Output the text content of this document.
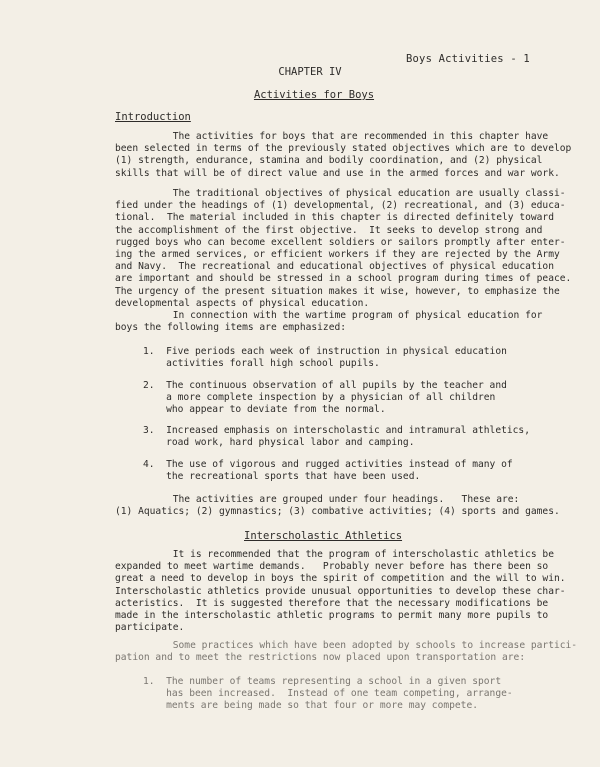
Boys Activities - 1
CHAPTER IV
Activities for Boys
Introduction

The activities for boys that are recommended in this chapter have
been selected in terms of the previously stated objectives which are to develop
(1) strength, endurance, stamina and bodily coordination, and (2) physical
skills that will be of direct value and use in the armed forces and war work.

The traditional objectives of physical education are usually classi-
fied under the headings of (1) developmental, (2) recreational, and (3) educa-
tional.  The material included in this chapter is directed definitely toward
the accomplishment of the first objective.  It seeks to develop strong and
rugged boys who can become excellent soldiers or sailors promptly after enter-
ing the armed services, or efficient workers if they are rejected by the Army
and Navy.  The recreational and educational objectives of physical education
are important and should be stressed in a school program during times of peace.
The urgency of the present situation makes it wise, however, to emphasize the
developmental aspects of physical education.

In connection with the wartime program of physical education for
boys the following items are emphasized:

1.  Five periods each week of instruction in physical education
activities forall high school pupils.

2.  The continuous observation of all pupils by the teacher and
a more complete inspection by a physician of all children
who appear to deviate from the normal.

3.  Increased emphasis on interscholastic and intramural athletics,
road work, hard physical labor and camping.

4.  The use of vigorous and rugged activities instead of many of
the recreational sports that have been used.

The activities are grouped under four headings.   These are:
(1) Aquatics; (2) gymnastics; (3) combative activities; (4) sports and games.

Interscholastic Athletics

It is recommended that the program of interscholastic athletics be
expanded to meet wartime demands.   Probably never before has there been so
great a need to develop in boys the spirit of competition and the will to win.
Interscholastic athletics provide unusual opportunities to develop these char-
acteristics.  It is suggested therefore that the necessary modifications be
made in the interscholastic athletic programs to permit many more pupils to
participate.

Some practices which have been adopted by schools to increase partici-
pation and to meet the restrictions now placed upon transportation are:

1.  The number of teams representing a school in a given sport
has been increased.  Instead of one team competing, arrange-
ments are being made so that four or more may compete.
